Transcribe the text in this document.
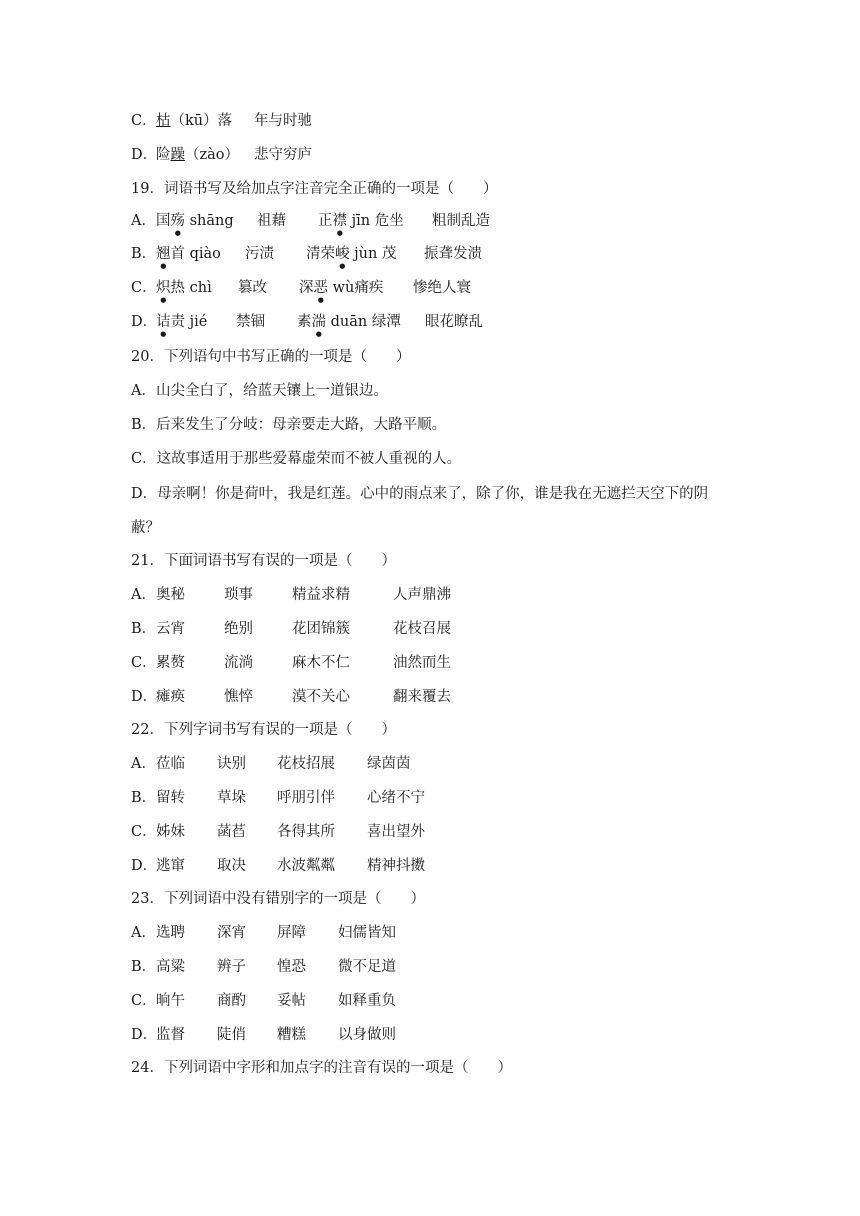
C． 枯（kū）落 年与时驰
D．
险躁（zào） 悲守穷庐
19．词语书写及给加点字注音完全正确的一项是（　　）
A． 国殇 shāng 祖藉 正襟 jīn 危坐 粗制乱造
B． 翘首 qiào 污渍 清荣峻 jùn 茂 振聋发溃
C． 炽热 chì 篡改 深恶 wù痛疾 惨绝人寰
D．
诘责 jié 禁锢 素湍 duān 绿潭 眼花瞭乱
20．下列语句中书写正确的一项是（　　）
A．山尖全白了，给蓝天镶上一道银边。
B．后来发生了分岐：母亲要走大路，大路平顺。
C．这故事适用于那些爱幕虚荣而不被人重视的人。
D．母亲啊！你是荷叶，我是红莲。心中的雨点来了，除了你，谁是我在无遮拦天空下的阴
蔽？
21．下面词语书写有误的一项是（　　）
A． 奥秘	琐事	精益求精	人声鼎沸
B． 云宵	绝别	花团锦簇	花枝召展
C． 累赘	流淌	麻木不仁	油然而生
D．
瘫痪	憔悴	漠不关心	翻来覆去
22．下列字词书写有误的一项是（　　）
A． 莅临 诀别 花枝招展 绿茵茵
B． 留转 草垛 呼朋引伴 心绪不宁
C． 姊妹 菡萏 各得其所 喜出望外
D．
逃窜 取决 水波粼粼 精神抖擞
23．下列词语中没有错别字的一项是（　　）
A． 选聘 深宵 屏障 妇儒皆知
B． 高粱 辨子 惶恐 微不足道
C． 晌午 商酌 妥帖 如释重负
D．
监督 陡俏 糟糕 以身做则
24．下列词语中字形和加点字的注音有误的一项是（　　）
